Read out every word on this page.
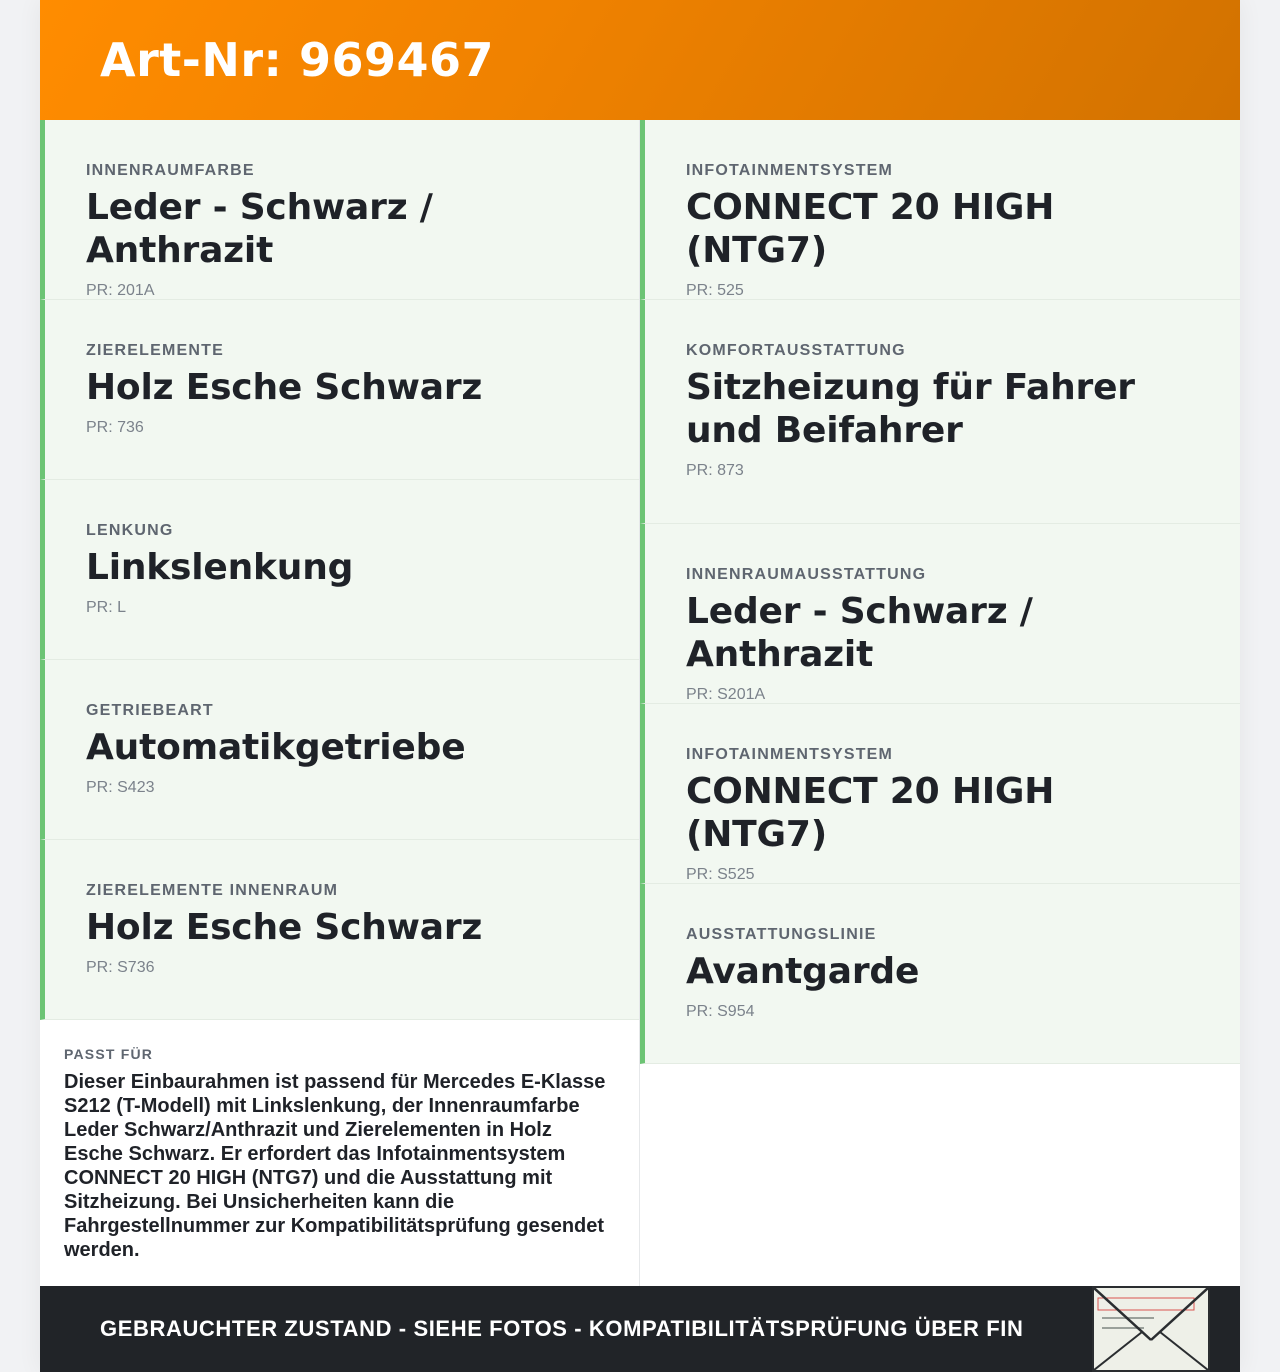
Art-Nr: 969467
INNENRAUMFARBE
Leder - Schwarz / Anthrazit
PR: 201A
ZIERELEMENTE
Holz Esche Schwarz
PR: 736
LENKUNG
Linkslenkung
PR: L
GETRIEBEART
Automatikgetriebe
PR: S423
ZIERELEMENTE INNENRAUM
Holz Esche Schwarz
PR: S736
PASST FÜR
Dieser Einbaurahmen ist passend für Mercedes E-Klasse S212 (T-Modell) mit Linkslenkung, der Innenraumfarbe Leder Schwarz/Anthrazit und Zierelementen in Holz Esche Schwarz. Er erfordert das Infotainmentsystem CONNECT 20 HIGH (NTG7) und die Ausstattung mit Sitzheizung. Bei Unsicherheiten kann die Fahrgestellnummer zur Kompatibilitätsprüfung gesendet werden.
INFOTAINMENTSYSTEM
CONNECT 20 HIGH (NTG7)
PR: 525
KOMFORTAUSSTATTUNG
Sitzheizung für Fahrer und Beifahrer
PR: 873
INNENRAUMAUSSTATTUNG
Leder - Schwarz / Anthrazit
PR: S201A
INFOTAINMENTSYSTEM
CONNECT 20 HIGH (NTG7)
PR: S525
AUSSTATTUNGSLINIE
Avantgarde
PR: S954
GEBRAUCHTER ZUSTAND - SIEHE FOTOS - KOMPATIBILITÄTSPRÜFUNG ÜBER FIN
